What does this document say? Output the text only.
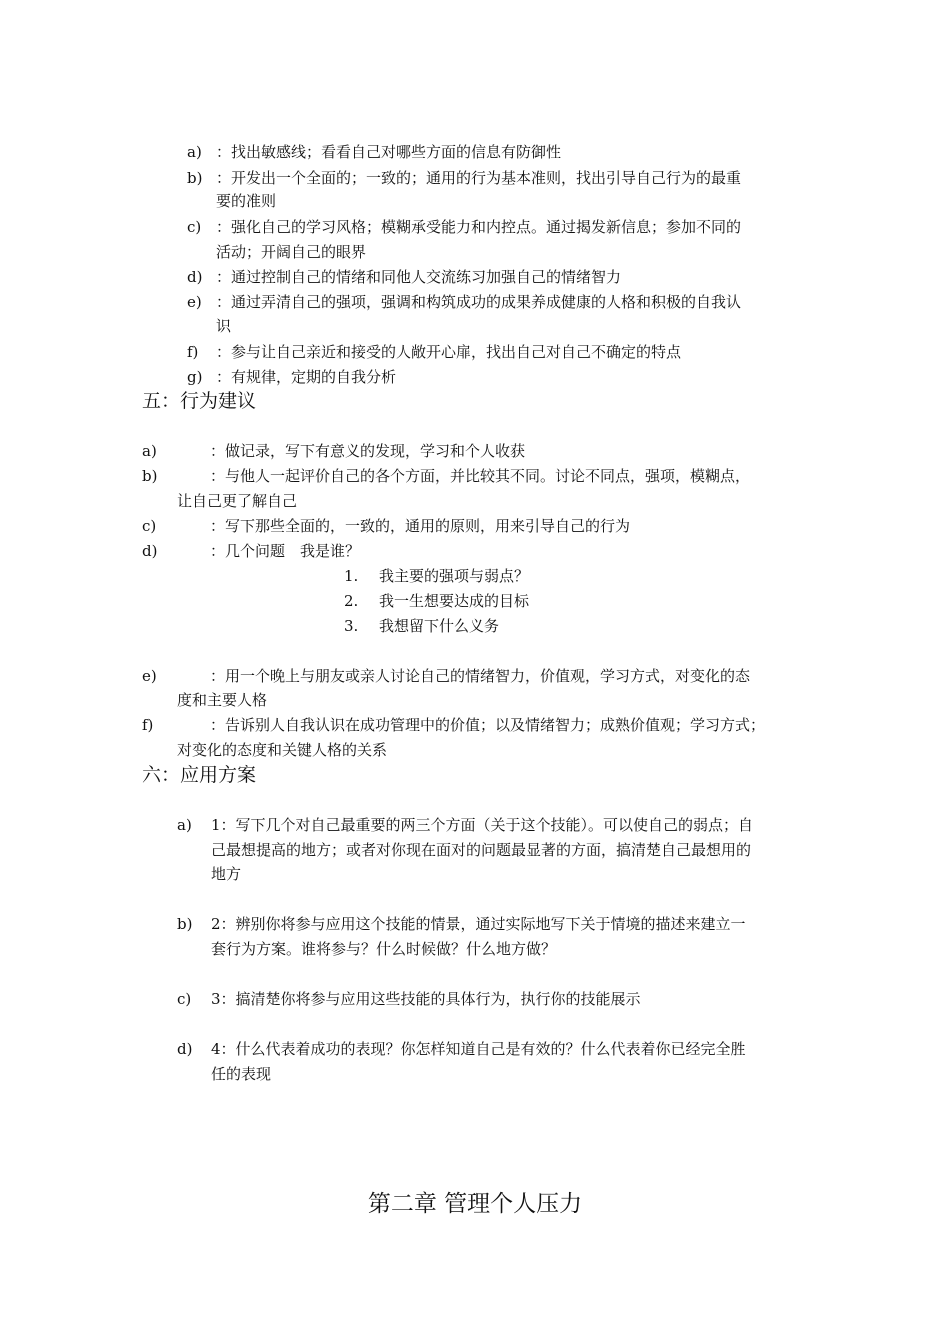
a) ：找出敏感线；看看自己对哪些方面的信息有防御性
b) ：开发出一个全面的；一致的；通用的行为基本准则，找出引导自己行为的最重
要的准则
c) ：强化自己的学习风格；模糊承受能力和内控点。通过揭发新信息；参加不同的
活动；开阔自己的眼界
d) ：通过控制自己的情绪和同他人交流练习加强自己的情绪智力
e) ：通过弄清自己的强项，强调和构筑成功的成果养成健康的人格和积极的自我认
识
f) ：参与让自己亲近和接受的人敞开心扉，找出自己对自己不确定的特点
g) ：有规律，定期的自我分析
五：行为建议
a)	：做记录，写下有意义的发现，学习和个人收获
b)	：与他人一起评价自己的各个方面，并比较其不同。讨论不同点，强项，模糊点，
让自己更了解自己
c)	：写下那些全面的，一致的，通用的原则，用来引导自己的行为
d)	：几个问题　我是谁？
1. 我主要的强项与弱点？
2. 我一生想要达成的目标
3. 我想留下什么义务
e)	：用一个晚上与朋友或亲人讨论自己的情绪智力，价值观，学习方式，对变化的态
度和主要人格
f)	：告诉别人自我认识在成功管理中的价值；以及情绪智力；成熟价值观；学习方式；
对变化的态度和关键人格的关系
六：应用方案
a) 1：写下几个对自己最重要的两三个方面（关于这个技能）。可以使自己的弱点；自
己最想提高的地方；或者对你现在面对的问题最显著的方面，搞清楚自己最想用的
地方
b) 2：辨别你将参与应用这个技能的情景，通过实际地写下关于情境的描述来建立一
套行为方案。谁将参与？什么时候做？什么地方做？
c) 3：搞清楚你将参与应用这些技能的具体行为，执行你的技能展示
d) 4：什么代表着成功的表现？你怎样知道自己是有效的？什么代表着你已经完全胜
任的表现
第二章 管理个人压力
